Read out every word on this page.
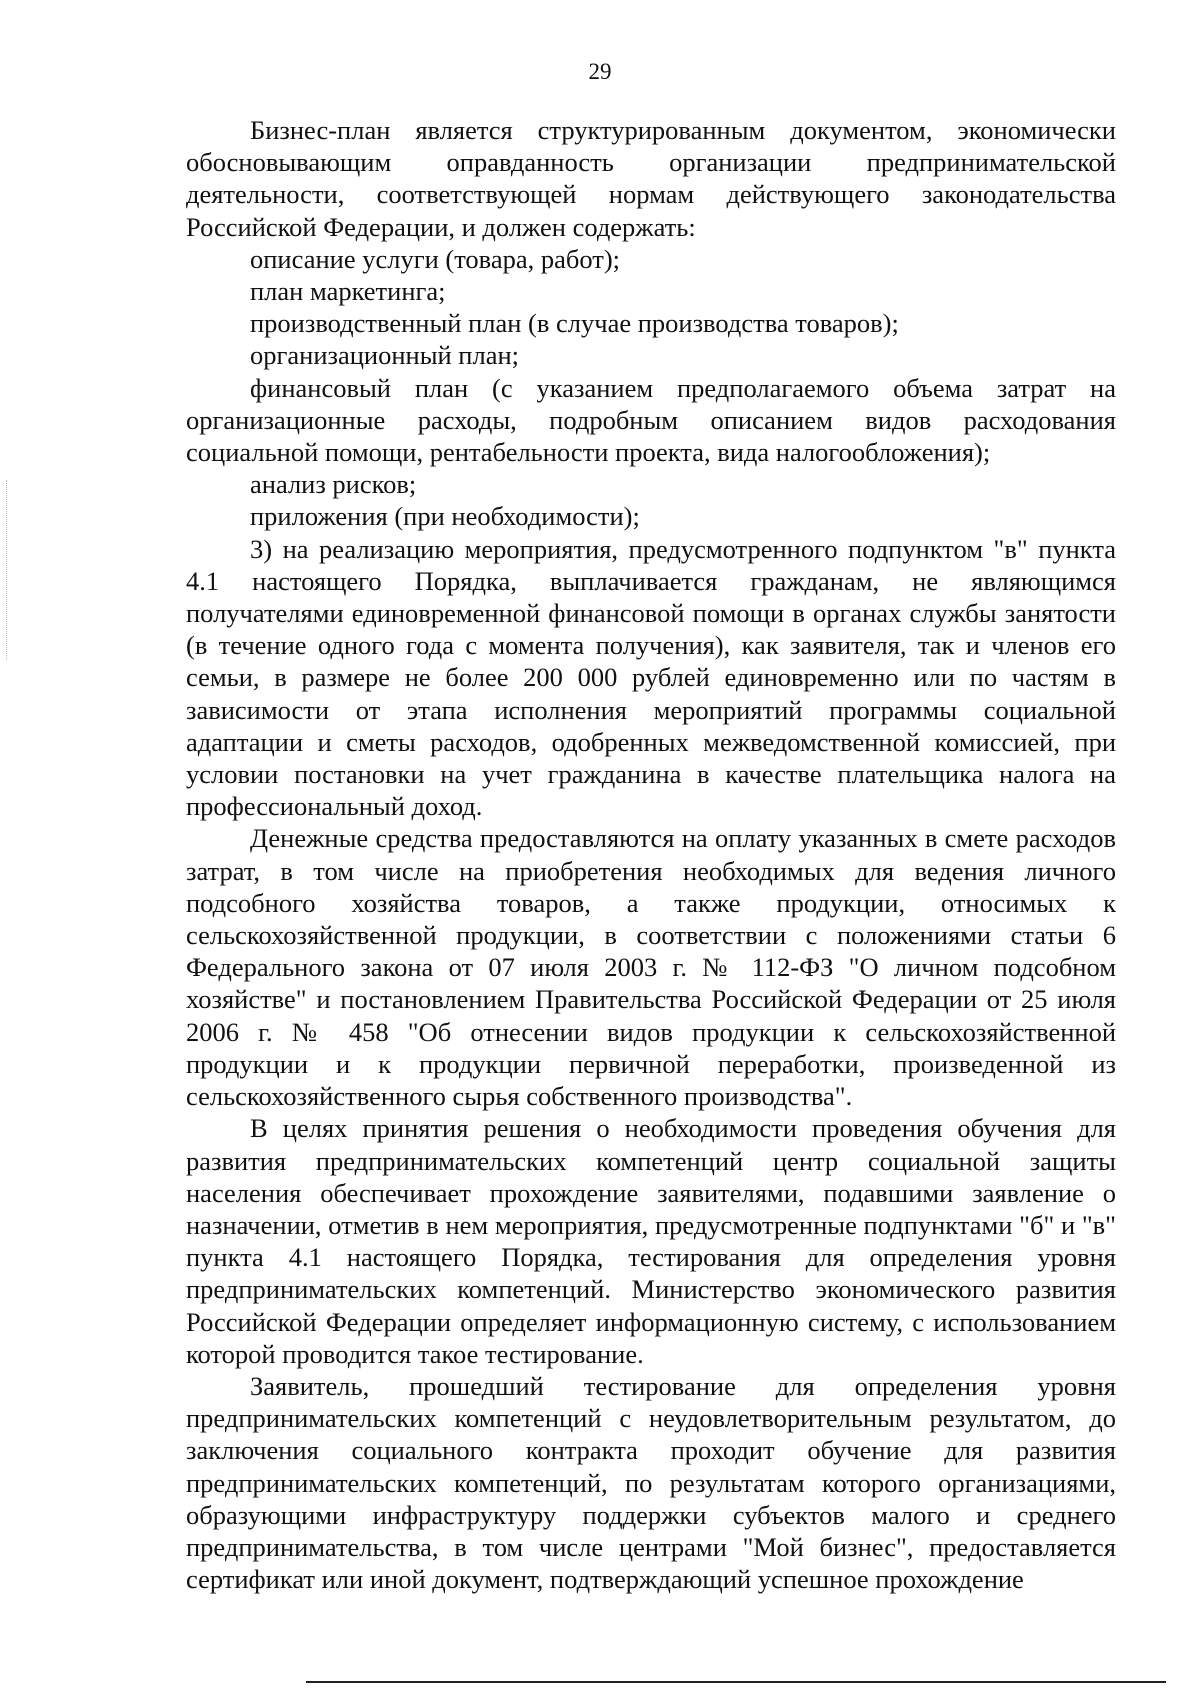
29

Бизнес-план является структурированным документом, экономически обосновывающим оправданность организации предпринимательской деятельности, соответствующей нормам действующего законодательства Российской Федерации, и должен содержать:

описание услуги (товара, работ);

план маркетинга;

производственный план (в случае производства товаров);

организационный план;

финансовый план (с указанием предполагаемого объема затрат на организационные расходы, подробным описанием видов расходования социальной помощи, рентабельности проекта, вида налогообложения);

анализ рисков;

приложения (при необходимости);

3) на реализацию мероприятия, предусмотренного подпунктом "в" пункта 4.1 настоящего Порядка, выплачивается гражданам, не являющимся получателями единовременной финансовой помощи в органах службы занятости (в течение одного года с момента получения), как заявителя, так и членов его семьи, в размере не более 200 000 рублей единовременно или по частям в зависимости от этапа исполнения мероприятий программы социальной адаптации и сметы расходов, одобренных межведомственной комиссией, при условии постановки на учет гражданина в качестве плательщика налога на профессиональный доход.

Денежные средства предоставляются на оплату указанных в смете расходов затрат, в том числе на приобретения необходимых для ведения личного подсобного хозяйства товаров, а также продукции, относимых к сельскохозяйственной продукции, в соответствии с положениями статьи 6 Федерального закона от 07 июля 2003 г. № 112-ФЗ "О личном подсобном хозяйстве" и постановлением Правительства Российской Федерации от 25 июля 2006 г. № 458 "Об отнесении видов продукции к сельскохозяйственной продукции и к продукции первичной переработки, произведенной из сельскохозяйственного сырья собственного производства".

В целях принятия решения о необходимости проведения обучения для развития предпринимательских компетенций центр социальной защиты населения обеспечивает прохождение заявителями, подавшими заявление о назначении, отметив в нем мероприятия, предусмотренные подпунктами "б" и "в" пункта 4.1 настоящего Порядка, тестирования для определения уровня предпринимательских компетенций. Министерство экономического развития Российской Федерации определяет информационную систему, с использованием которой проводится такое тестирование.

Заявитель, прошедший тестирование для определения уровня предпринимательских компетенций с неудовлетворительным результатом, до заключения социального контракта проходит обучение для развития предпринимательских компетенций, по результатам которого организациями, образующими инфраструктуру поддержки субъектов малого и среднего предпринимательства, в том числе центрами "Мой бизнес", предоставляется сертификат или иной документ, подтверждающий успешное прохождение
